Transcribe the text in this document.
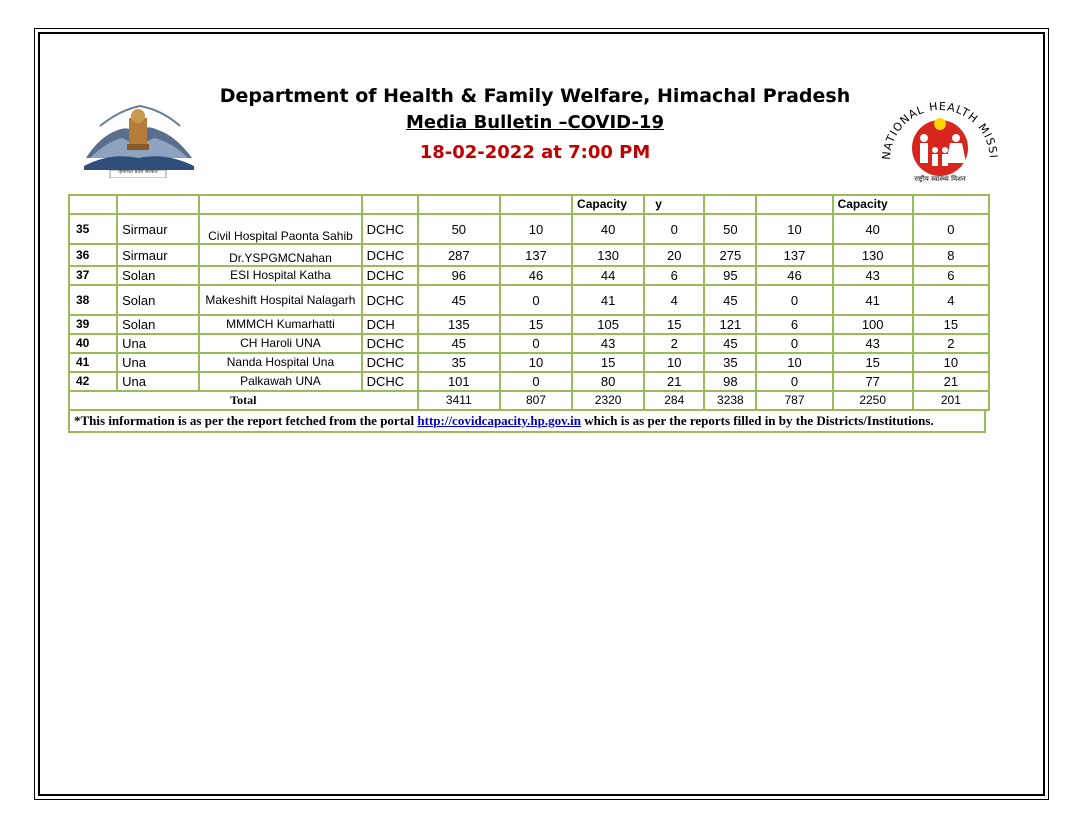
हिमाचल प्रदेश सरकार
NATIONAL HEALTH MISSI
राष्ट्रीय स्वास्थ्य मिशन
Department of Health & Family Welfare, Himachal Pradesh
Media Bulletin –COVID-19
18-02-2022 at 7:00 PM
						Capacity	y			Capacity	
35	Sirmaur	Civil Hospital Paonta Sahib	DCHC	50	10	40	0	50	10	40	0
36	Sirmaur	Dr.YSPGMCNahan	DCHC	287	137	130	20	275	137	130	8
37	Solan	ESI Hospital Katha	DCHC	96	46	44	6	95	46	43	6
38	Solan	Makeshift Hospital Nalagarh	DCHC	45	0	41	4	45	0	41	4
39	Solan	MMMCH Kumarhatti	DCH	135	15	105	15	121	6	100	15
40	Una	CH Haroli UNA	DCHC	45	0	43	2	45	0	43	2
41	Una	Nanda Hospital Una	DCHC	35	10	15	10	35	10	15	10
42	Una	Palkawah UNA	DCHC	101	0	80	21	98	0	77	21
Total				3411	807	2320	284	3238	787	2250	201
*This information is as per the report fetched from the portal http://covidcapacity.hp.gov.in which is as per the reports filled in by the Districts/Institutions.
